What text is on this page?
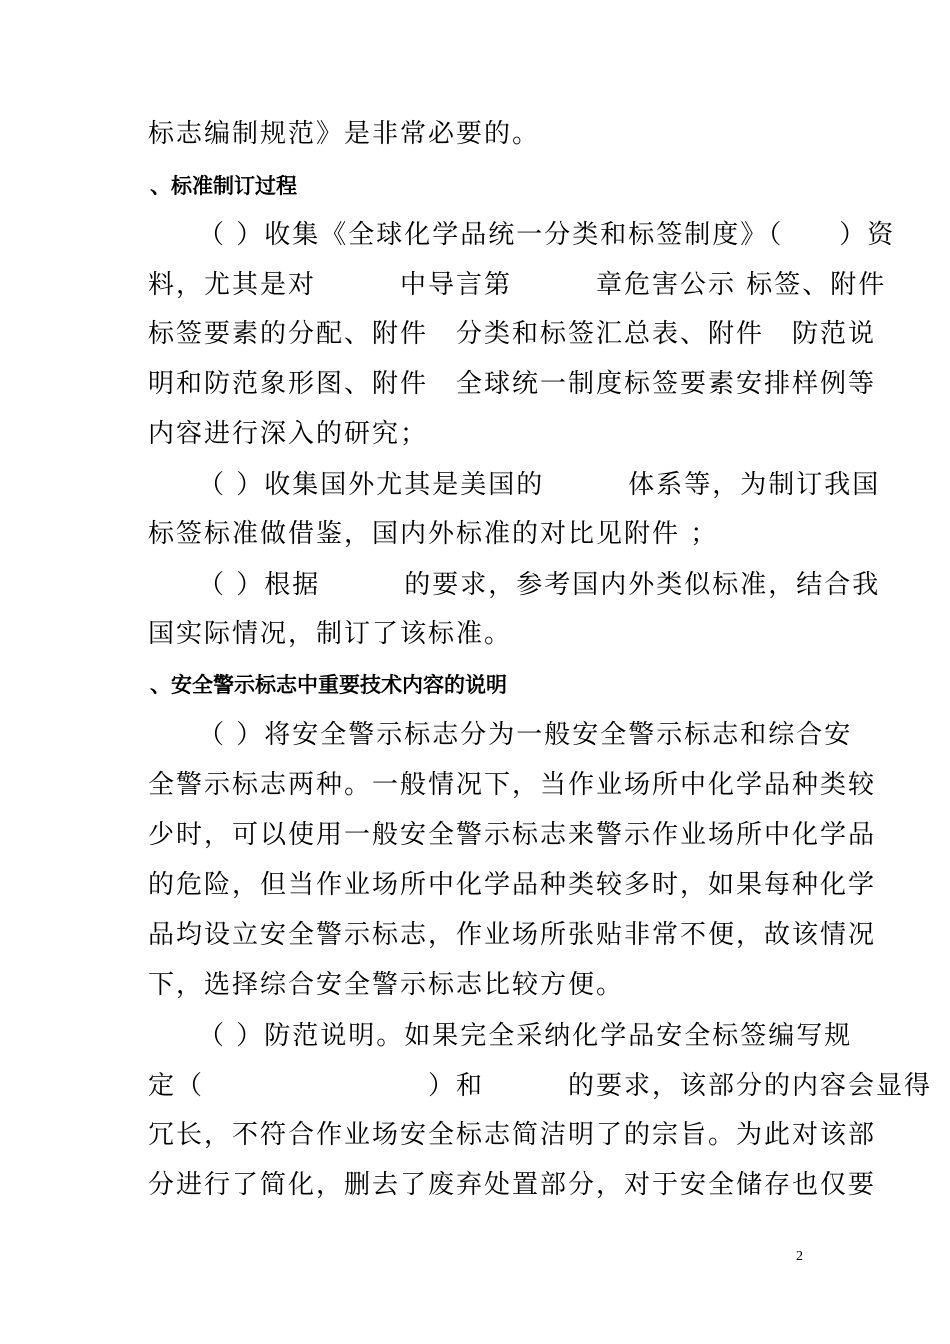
标志编制规范》是非常必要的。
、标准制订过程
（ ）收集《全球化学品统一分类和标签制度》（　　）资
料，尤其是对　　　中导言第　　　章危害公示 标签、附件
标签要素的分配、附件　分类和标签汇总表、附件　防范说
明和防范象形图、附件　全球统一制度标签要素安排样例等
内容进行深入的研究；
（ ）收集国外尤其是美国的　　　体系等，为制订我国
标签标准做借鉴，国内外标准的对比见附件 ；
（ ）根据　　　的要求，参考国内外类似标准，结合我
国实际情况，制订了该标准。
、安全警示标志中重要技术内容的说明
（ ）将安全警示标志分为一般安全警示标志和综合安
全警示标志两种。一般情况下，当作业场所中化学品种类较
少时，可以使用一般安全警示标志来警示作业场所中化学品
的危险，但当作业场所中化学品种类较多时，如果每种化学
品均设立安全警示标志，作业场所张贴非常不便，故该情况
下，选择综合安全警示标志比较方便。
（ ）防范说明。如果完全采纳化学品安全标签编写规
定（　　　　　　　　）和　　　的要求，该部分的内容会显得
冗长，不符合作业场安全标志简洁明了的宗旨。为此对该部
分进行了简化，删去了废弃处置部分，对于安全储存也仅要
2
